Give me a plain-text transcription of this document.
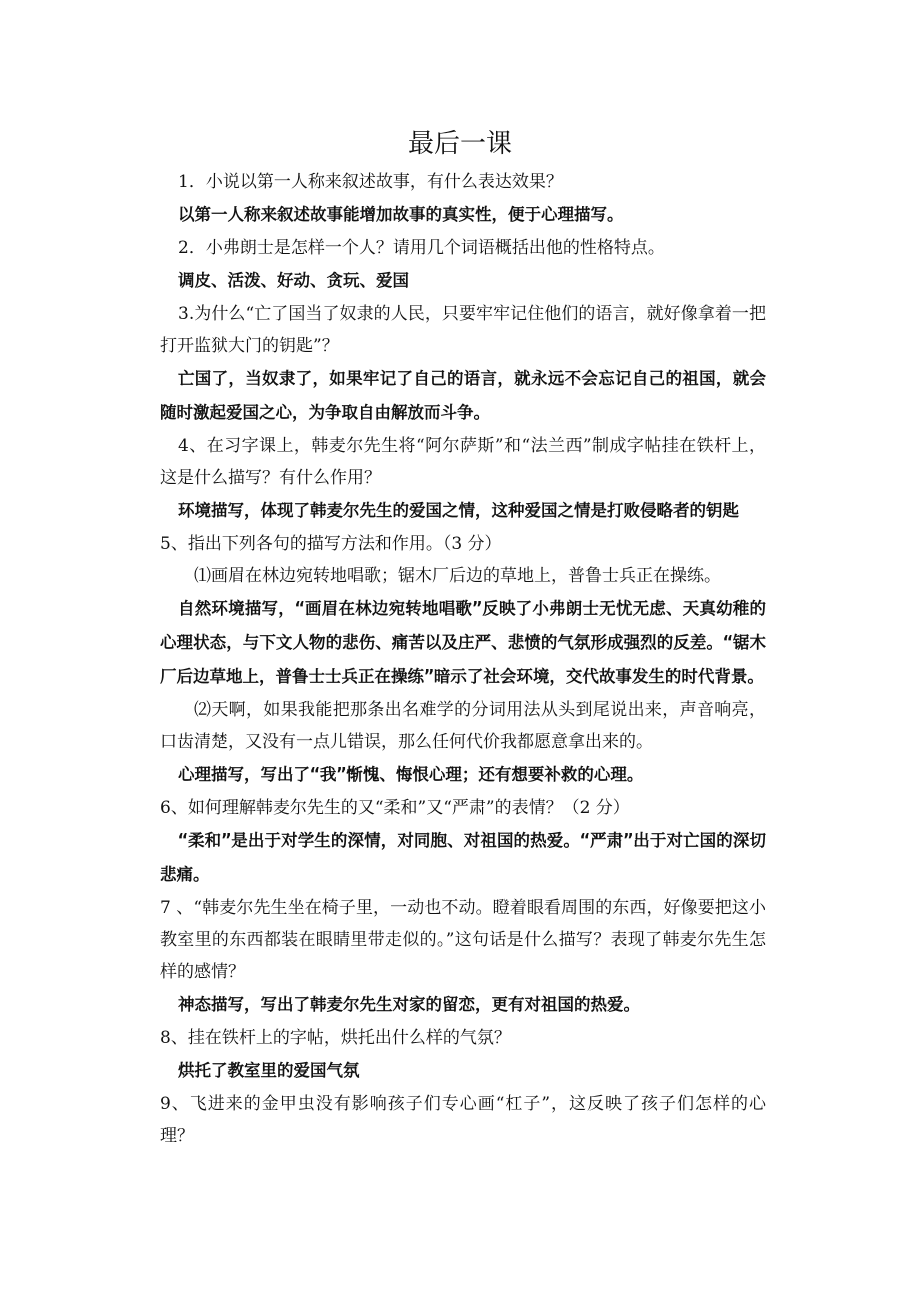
最后一课

1．小说以第一人称来叙述故事，有什么表达效果？

以第一人称来叙述故事能增加故事的真实性，便于心理描写。

2．小弗朗士是怎样一个人？请用几个词语概括出他的性格特点。

调皮、活泼、好动、贪玩、爱国

3.为什么“亡了国当了奴隶的人民，只要牢牢记住他们的语言，就好像拿着一把打开监狱大门的钥匙”？

亡国了，当奴隶了，如果牢记了自己的语言，就永远不会忘记自己的祖国，就会随时激起爱国之心，为争取自由解放而斗争。

4、在习字课上，韩麦尔先生将“阿尔萨斯”和“法兰西”制成字帖挂在铁杆上，这是什么描写？有什么作用？

环境描写，体现了韩麦尔先生的爱国之情，这种爱国之情是打败侵略者的钥匙

5、指出下列各句的描写方法和作用。（3 分）

⑴画眉在林边宛转地唱歌；锯木厂后边的草地上，普鲁士兵正在操练。

自然环境描写，“画眉在林边宛转地唱歌”反映了小弗朗士无忧无虑、天真幼稚的心理状态，与下文人物的悲伤、痛苦以及庄严、悲愤的气氛形成强烈的反差。“锯木厂后边草地上，普鲁士士兵正在操练”暗示了社会环境，交代故事发生的时代背景。

⑵天啊，如果我能把那条出名难学的分词用法从头到尾说出来，声音响亮，口齿清楚，又没有一点儿错误，那么任何代价我都愿意拿出来的。

心理描写，写出了“我”惭愧、悔恨心理；还有想要补救的心理。

6、如何理解韩麦尔先生的又“柔和”又“严肃”的表情？（2 分）

“柔和”是出于对学生的深情，对同胞、对祖国的热爱。“严肃”出于对亡国的深切悲痛。

7 、“韩麦尔先生坐在椅子里，一动也不动。瞪着眼看周围的东西，好像要把这小教室里的东西都装在眼睛里带走似的。”这句话是什么描写？表现了韩麦尔先生怎样的感情？

神态描写，写出了韩麦尔先生对家的留恋，更有对祖国的热爱。

8、挂在铁杆上的字帖，烘托出什么样的气氛？

烘托了教室里的爱国气氛

9、飞进来的金甲虫没有影响孩子们专心画“杠子”，这反映了孩子们怎样的心理？
